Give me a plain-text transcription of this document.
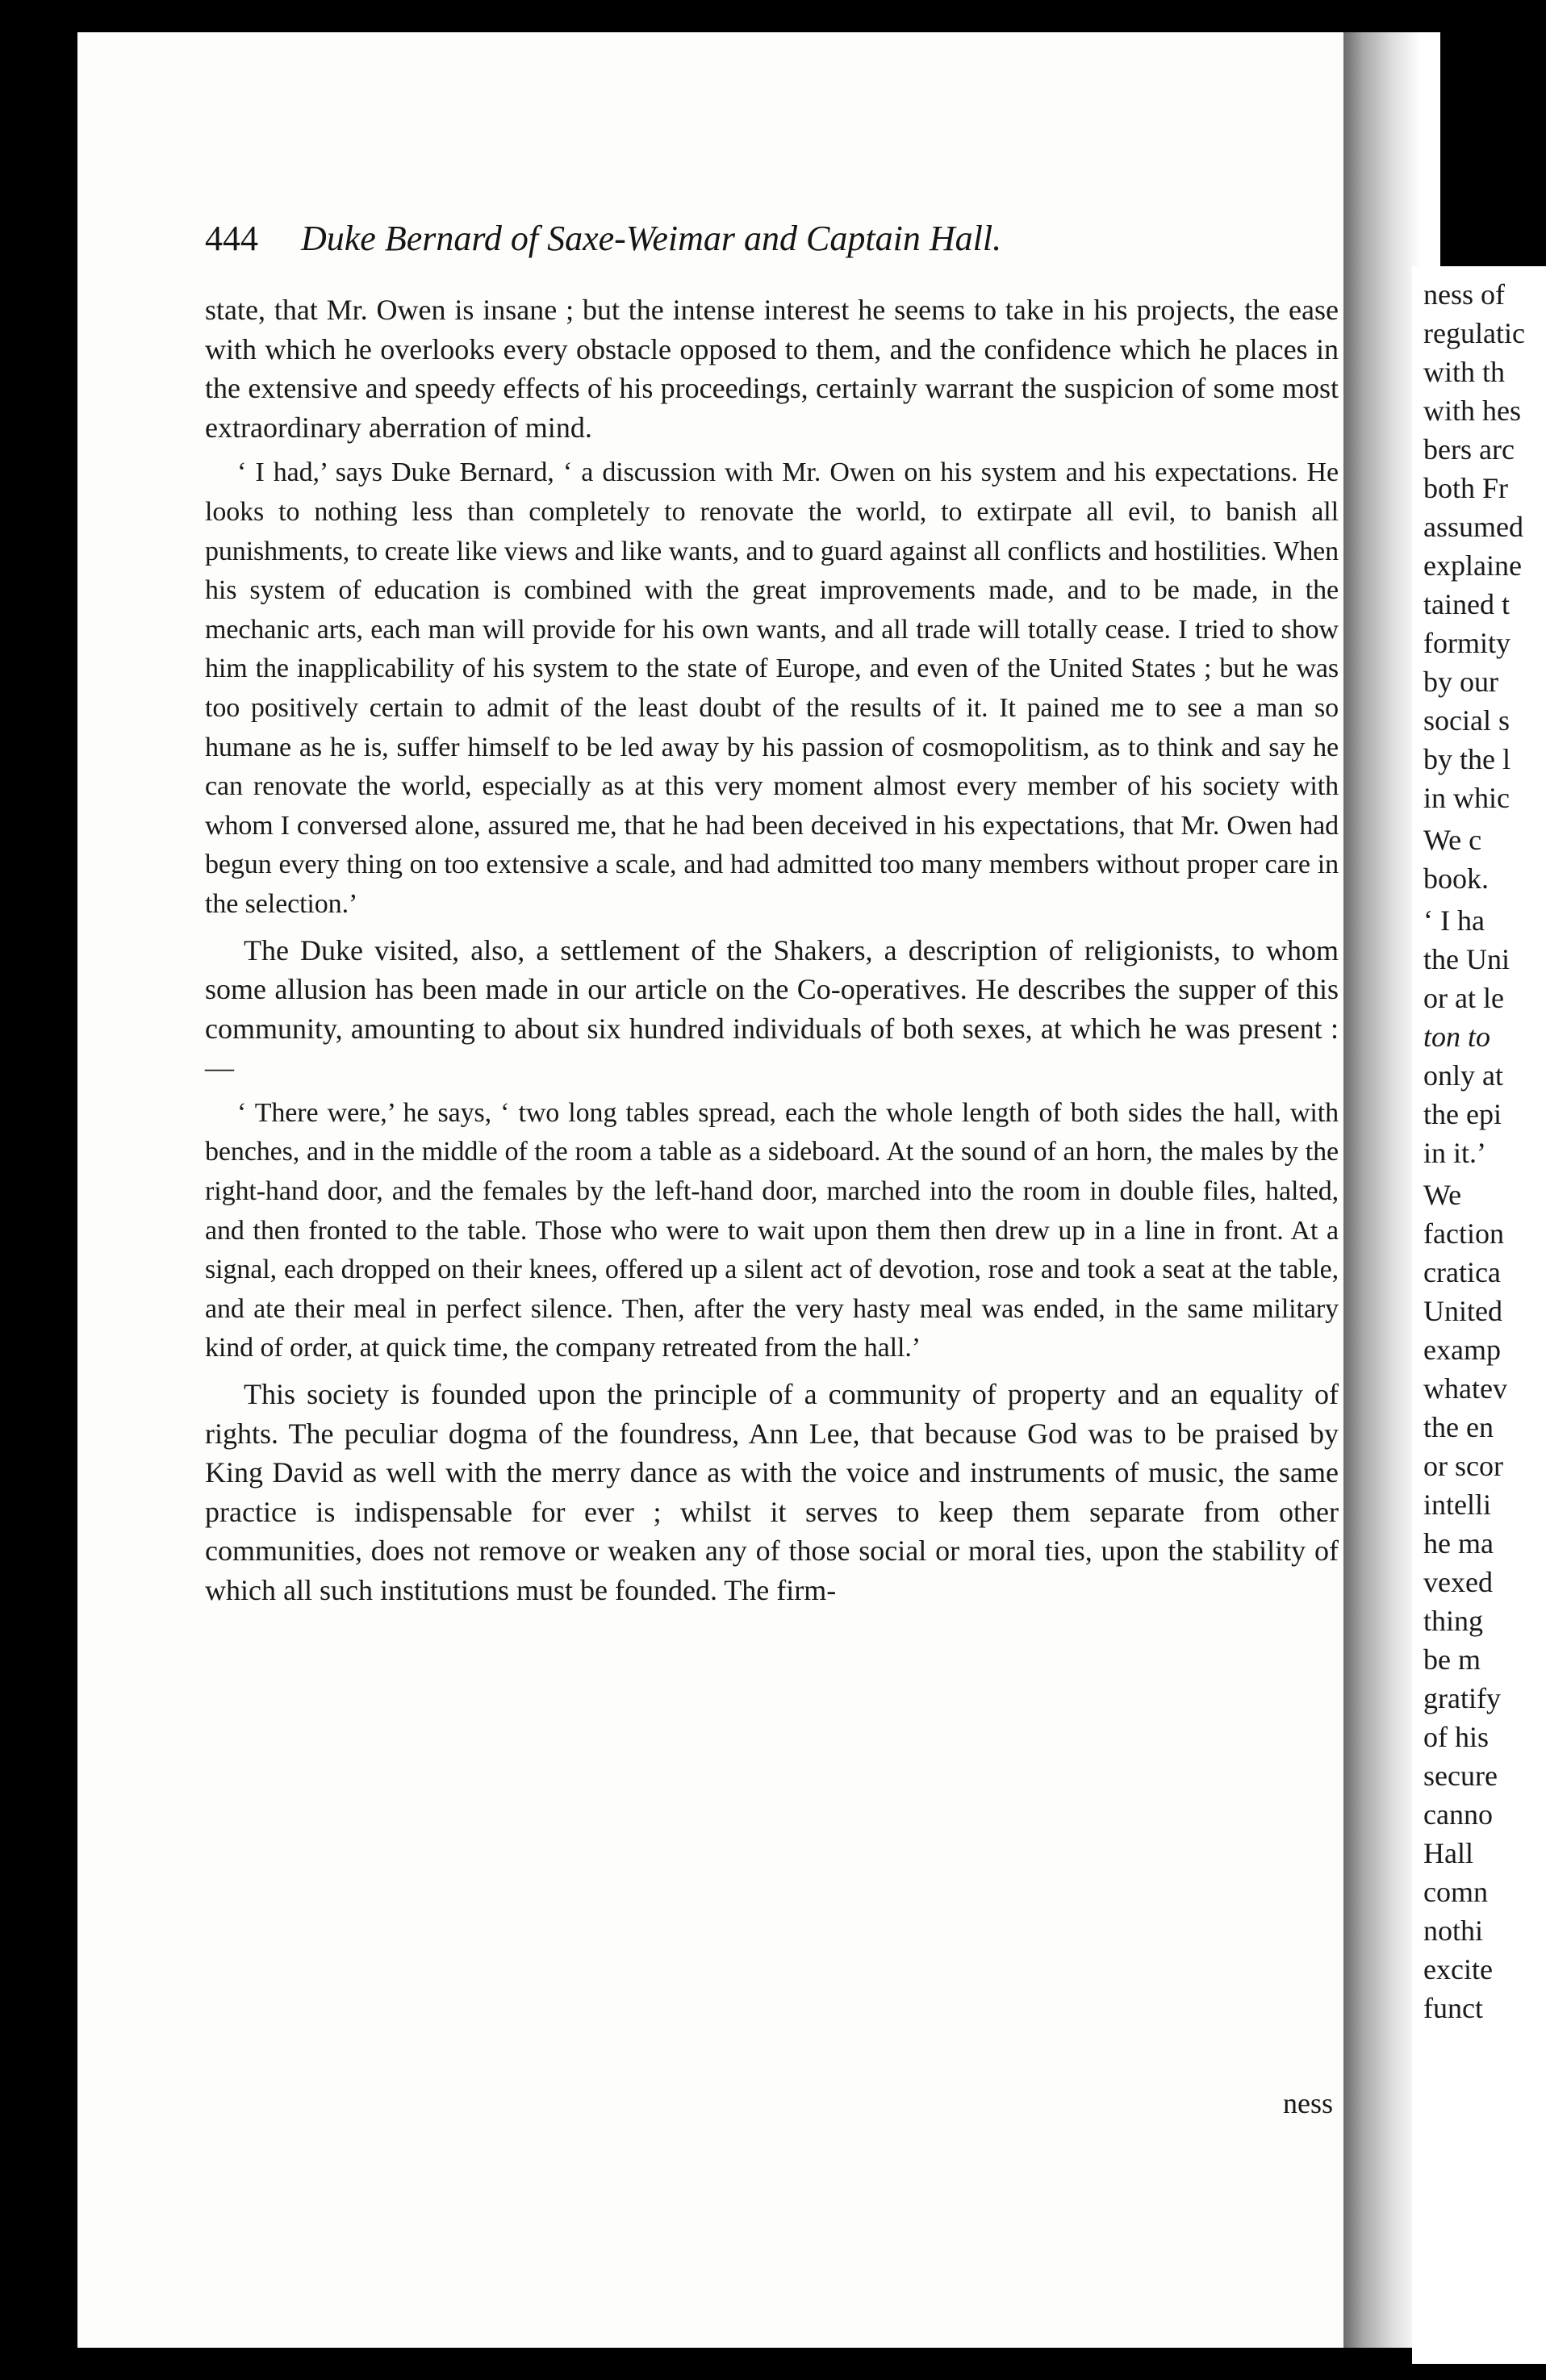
ness of
regulatic
with th
with hes
bers arc
both Fr
assumed
explaine
tained t
formity
by our
social s
by the l
in whic
We c
book.
‘ I ha
the Uni
or at le
ton to
only at
the epi
in it.’
We
faction
cratica
United
examp
whatev
the en
or scor
intelli
he ma
vexed
thing
be m
gratify
of his
secure
canno
Hall
comn
nothi
excite
funct
444 Duke Bernard of Saxe-Weimar and Captain Hall.

state, that Mr. Owen is insane ; but the intense interest he seems to take in his projects, the ease with which he overlooks every obstacle opposed to them, and the confidence which he places in the extensive and speedy effects of his proceedings, certainly warrant the suspicion of some most extraordinary aberration of mind.

‘ I had,’ says Duke Bernard, ‘ a discussion with Mr. Owen on his system and his expectations. He looks to nothing less than completely to renovate the world, to extirpate all evil, to banish all punishments, to create like views and like wants, and to guard against all conflicts and hostilities. When his system of education is combined with the great improvements made, and to be made, in the mechanic arts, each man will provide for his own wants, and all trade will totally cease. I tried to show him the inapplicability of his system to the state of Europe, and even of the United States ; but he was too positively certain to admit of the least doubt of the results of it. It pained me to see a man so humane as he is, suffer himself to be led away by his passion of cosmopolitism, as to think and say he can renovate the world, especially as at this very moment almost every member of his society with whom I conversed alone, assured me, that he had been deceived in his expectations, that Mr. Owen had begun every thing on too extensive a scale, and had admitted too many members without proper care in the selection.’

The Duke visited, also, a settlement of the Shakers, a description of religionists, to whom some allusion has been made in our article on the Co-operatives. He describes the supper of this community, amounting to about six hundred individuals of both sexes, at which he was present :—

‘ There were,’ he says, ‘ two long tables spread, each the whole length of both sides the hall, with benches, and in the middle of the room a table as a sideboard. At the sound of an horn, the males by the right-hand door, and the females by the left-hand door, marched into the room in double files, halted, and then fronted to the table. Those who were to wait upon them then drew up in a line in front. At a signal, each dropped on their knees, offered up a silent act of devotion, rose and took a seat at the table, and ate their meal in perfect silence. Then, after the very hasty meal was ended, in the same military kind of order, at quick time, the company retreated from the hall.’

This society is founded upon the principle of a community of property and an equality of rights. The peculiar dogma of the foundress, Ann Lee, that because God was to be praised by King David as well with the merry dance as with the voice and instruments of music, the same practice is indispensable for ever ; whilst it serves to keep them separate from other communities, does not remove or weaken any of those social or moral ties, upon the stability of which all such institutions must be founded. The firm-

ness
